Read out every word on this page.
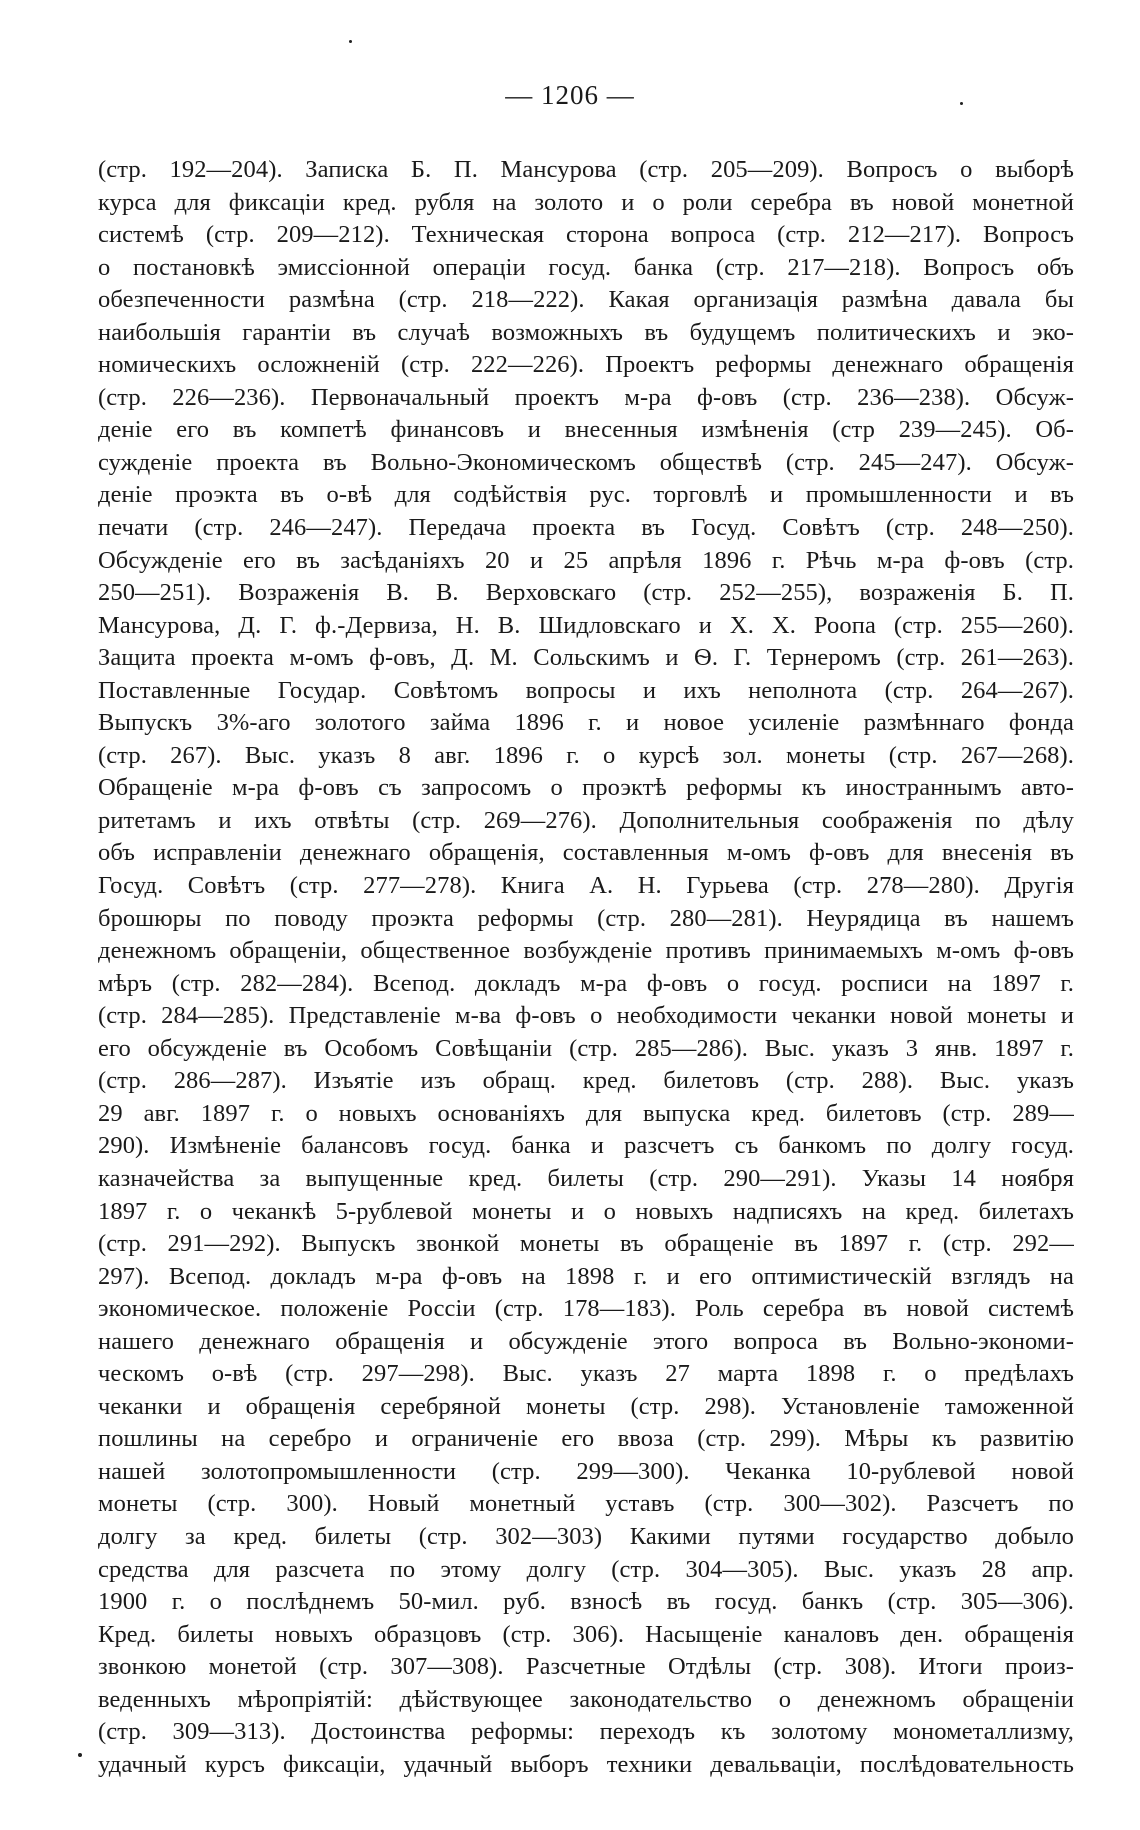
— 1206 —
(стр. 192—204). Записка Б. П. Мансурова (стр. 205—209). Вопросъ о выборѣ
курса для фиксаціи кред. рубля на золото и о роли серебра въ новой монетной
системѣ (стр. 209—212). Техническая сторона вопроса (стр. 212—217). Вопросъ
о постановкѣ эмиссіонной операціи госуд. банка (стр. 217—218). Вопросъ объ
обезпеченности размѣна (стр. 218—222). Какая организація размѣна давала бы
наибольшія гарантіи въ случаѣ возможныхъ въ будущемъ политическихъ и эко-
номическихъ осложненій (стр. 222—226). Проектъ реформы денежнаго обращенія
(стр. 226—236). Первоначальный проектъ м-ра ф-овъ (стр. 236—238). Обсуж-
деніе его въ компетѣ финансовъ и внесенныя измѣненія (стр 239—245). Об-
сужденіе проекта въ Вольно-Экономическомъ обществѣ (стр. 245—247). Обсуж-
деніе проэкта въ о-вѣ для содѣйствія рус. торговлѣ и промышленности и въ
печати (стр. 246—247). Передача проекта въ Госуд. Совѣтъ (стр. 248—250).
Обсужденіе его въ засѣданіяхъ 20 и 25 апрѣля 1896 г. Рѣчь м-ра ф-овъ (стр.
250—251). Возраженія В. В. Верховскаго (стр. 252—255), возраженія Б. П.
Мансурова, Д. Г. ф.-Дервиза, Н. В. Шидловскаго и Х. Х. Роопа (стр. 255—260).
Защита проекта м-омъ ф-овъ, Д. М. Сольскимъ и Ѳ. Г. Тернеромъ (стр. 261—263).
Поставленные Государ. Совѣтомъ вопросы и ихъ неполнота (стр. 264—267).
Выпускъ 3%-аго золотого займа 1896 г. и новое усиленіе размѣннаго фонда
(стр. 267). Выс. указъ 8 авг. 1896 г. о курсѣ зол. монеты (стр. 267—268).
Обращеніе м-ра ф-овъ съ запросомъ о проэктѣ реформы къ иностраннымъ авто-
ритетамъ и ихъ отвѣты (стр. 269—276). Дополнительныя соображенія по дѣлу
объ исправленіи денежнаго обращенія, составленныя м-омъ ф-овъ для внесенія въ
Госуд. Совѣтъ (стр. 277—278). Книга А. Н. Гурьева (стр. 278—280). Другія
брошюры по поводу проэкта реформы (стр. 280—281). Неурядица въ нашемъ
денежномъ обращеніи, общественное возбужденіе противъ принимаемыхъ м-омъ ф-овъ
мѣръ (стр. 282—284). Всепод. докладъ м-ра ф-овъ о госуд. росписи на 1897 г.
(стр. 284—285). Представленіе м-ва ф-овъ о необходимости чеканки новой монеты и
его обсужденіе въ Особомъ Совѣщаніи (стр. 285—286). Выс. указъ 3 янв. 1897 г.
(стр. 286—287). Изъятіе изъ обращ. кред. билетовъ (стр. 288). Выс. указъ
29 авг. 1897 г. о новыхъ основаніяхъ для выпуска кред. билетовъ (стр. 289—
290). Измѣненіе балансовъ госуд. банка и разсчетъ съ банкомъ по долгу госуд.
казначейства за выпущенные кред. билеты (стр. 290—291). Указы 14 ноября
1897 г. о чеканкѣ 5-рублевой монеты и о новыхъ надписяхъ на кред. билетахъ
(стр. 291—292). Выпускъ звонкой монеты въ обращеніе въ 1897 г. (стр. 292—
297). Всепод. докладъ м-ра ф-овъ на 1898 г. и его оптимистическій взглядъ на
экономическое. положеніе Россіи (стр. 178—183). Роль серебра въ новой системѣ
нашего денежнаго обращенія и обсужденіе этого вопроса въ Вольно-экономи-
ческомъ о-вѣ (стр. 297—298). Выс. указъ 27 марта 1898 г. о предѣлахъ
чеканки и обращенія серебряной монеты (стр. 298). Установленіе таможенной
пошлины на серебро и ограниченіе его ввоза (стр. 299). Мѣры къ развитію
нашей золотопромышленности (стр. 299—300). Чеканка 10-рублевой новой
монеты (стр. 300). Новый монетный уставъ (стр. 300—302). Разсчетъ по
долгу за кред. билеты (стр. 302—303) Какими путями государство добыло
средства для разсчета по этому долгу (стр. 304—305). Выс. указъ 28 апр.
1900 г. о послѣднемъ 50-мил. руб. взносѣ въ госуд. банкъ (стр. 305—306).
Кред. билеты новыхъ образцовъ (стр. 306). Насыщеніе каналовъ ден. обращенія
звонкою монетой (стр. 307—308). Разсчетные Отдѣлы (стр. 308). Итоги произ-
веденныхъ мѣропріятій: дѣйствующее законодательство о денежномъ обращеніи
(стр. 309—313). Достоинства реформы: переходъ къ золотому монометаллизму,
удачный курсъ фиксаціи, удачный выборъ техники девальваціи, послѣдовательность
